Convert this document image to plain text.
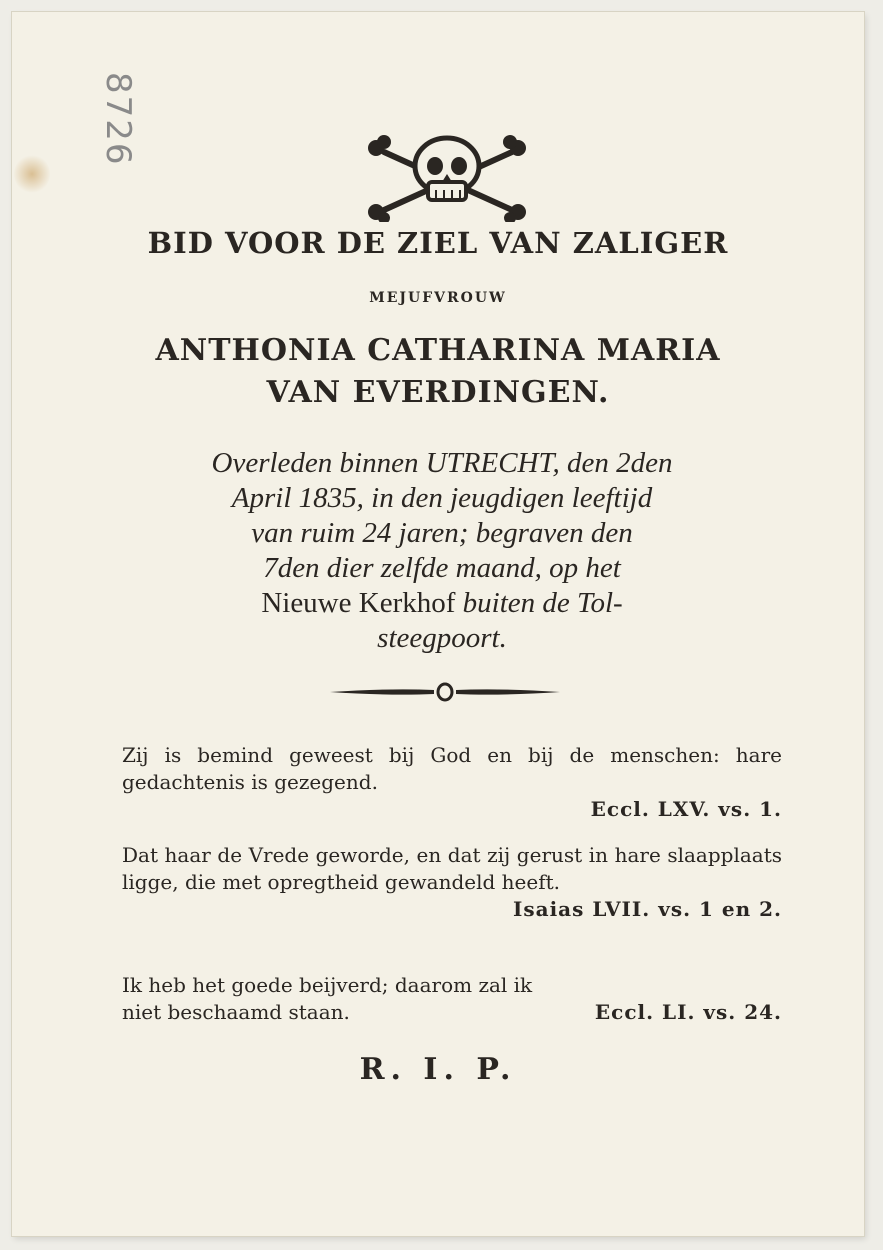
8726
BID VOOR DE ZIEL VAN ZALIGER
MEJUFVROUW
ANTHONIA CATHARINA MARIA
VAN EVERDINGEN.
Overleden binnen UTRECHT, den 2den
April 1835, in den jeugdigen leeftijd
van ruim 24 jaren; begraven den
7den dier zelfde maand, op het
Nieuwe Kerkhof buiten de Tol-
steegpoort.

Zij is bemind geweest bij God en bij de menschen: hare gedachtenis is gezegend.

Eccl. LXV. vs. 1.

Dat haar de Vrede geworde, en dat zij gerust in hare slaapplaats ligge, die met opregtheid gewandeld heeft.

Isaias LVII. vs. 1 en 2.

Ik heb het goede beijverd; daarom zal ik

niet beschaamd staan.	Eccl. LI. vs. 24.
R. I. P.
